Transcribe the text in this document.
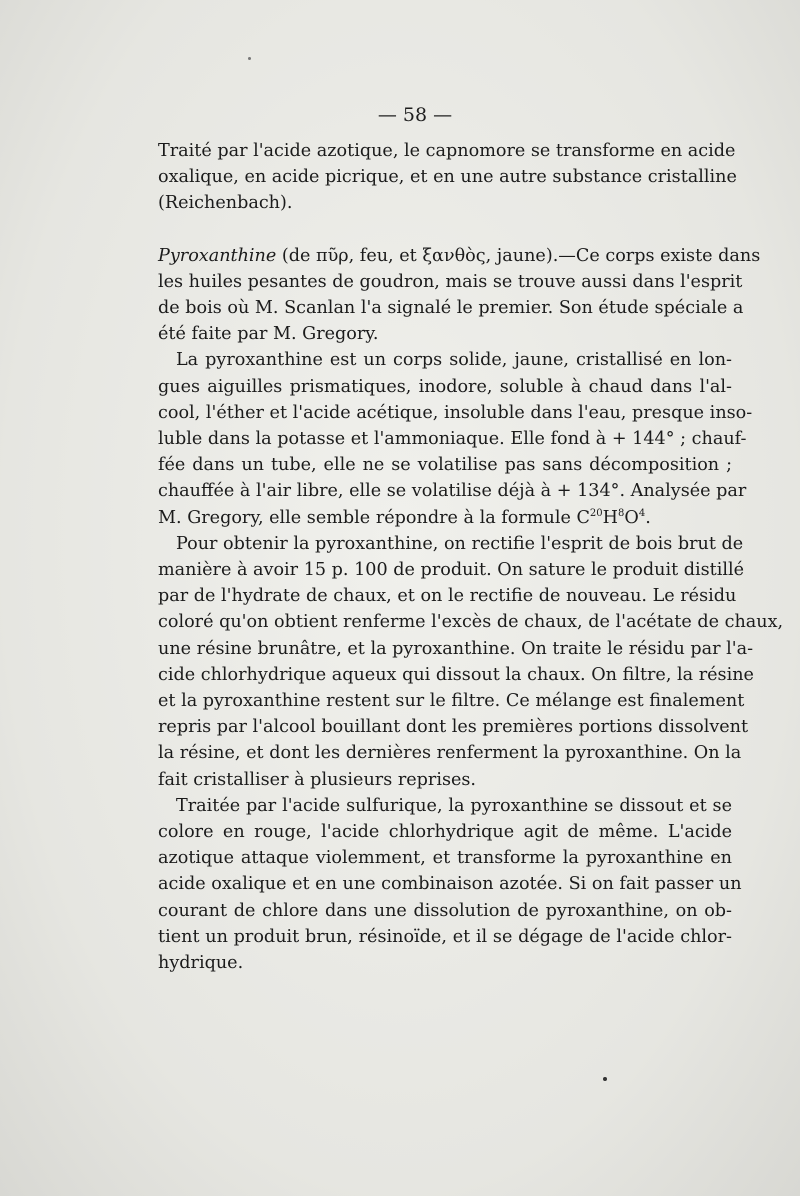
— 58 —

Traité par l'acide azotique, le capnomore se transforme en acide
oxalique, en acide picrique, et en une autre substance cristalline
(Reichenbach).

Pyroxanthine (de πῦρ, feu, et ξανθὸς, jaune).—Ce corps existe dans
les huiles pesantes de goudron, mais se trouve aussi dans l'esprit
de bois où M. Scanlan l'a signalé le premier. Son étude spéciale a
été faite par M. Gregory.

La pyroxanthine est un corps solide, jaune, cristallisé en lon-
gues aiguilles prismatiques, inodore, soluble à chaud dans l'al-
cool, l'éther et l'acide acétique, insoluble dans l'eau, presque inso-
luble dans la potasse et l'ammoniaque. Elle fond à + 144° ; chauf-
fée dans un tube, elle ne se volatilise pas sans décomposition ;
chauffée à l'air libre, elle se volatilise déjà à + 134°. Analysée par
M. Gregory, elle semble répondre à la formule $C^{20}H^8O^4$.

Pour obtenir la pyroxanthine, on rectifie l'esprit de bois brut de
manière à avoir 15 p. 100 de produit. On sature le produit distillé
par de l'hydrate de chaux, et on le rectifie de nouveau. Le résidu
coloré qu'on obtient renferme l'excès de chaux, de l'acétate de chaux,
une résine brunâtre, et la pyroxanthine. On traite le résidu par l'a-
cide chlorhydrique aqueux qui dissout la chaux. On filtre, la résine
et la pyroxanthine restent sur le filtre. Ce mélange est finalement
repris par l'alcool bouillant dont les premières portions dissolvent
la résine, et dont les dernières renferment la pyroxanthine. On la
fait cristalliser à plusieurs reprises.

Traitée par l'acide sulfurique, la pyroxanthine se dissout et se
colore en rouge, l'acide chlorhydrique agit de même. L'acide
azotique attaque violemment, et transforme la pyroxanthine en
acide oxalique et en une combinaison azotée. Si on fait passer un
courant de chlore dans une dissolution de pyroxanthine, on ob-
tient un produit brun, résinoïde, et il se dégage de l'acide chlor-
hydrique.
